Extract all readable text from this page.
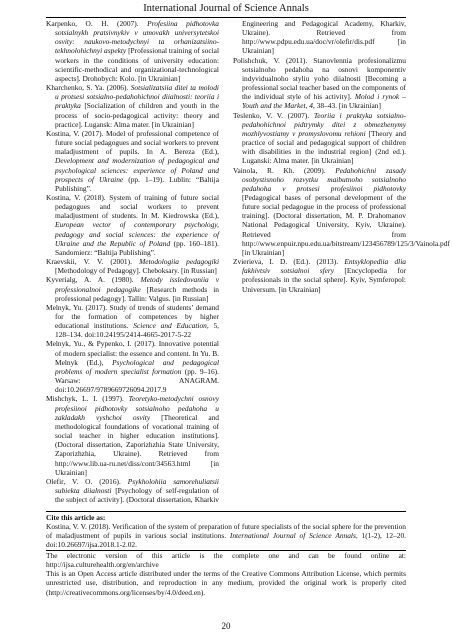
International Journal of Science Annals

Karpenko, O. H. (2007). Profesiina pidhotovka sotsialnykh pratsivnykiv v umovakh universytetskoi osvity: naukovo-metodychnyi ta orhanizatsiino-tekhnolohichnyi aspekty [Professional training of social workers in the conditions of university education: scientific-methodical and organizational-technological aspects]. Drohobych: Kolo. [in Ukrainian]

Kharchenko, S. Ya. (2006). Sotsializatsiia ditei ta molodi u protsesi sotsialno-pedahohichnoi diialnosti: teoriia i praktyka [Socialization of children and youth in the process of socio-pedagogical activity: theory and practice]. Lugansk: Alma mater. [in Ukrainian]

Kostina, V. (2017). Model of professional competence of future social pedagogues and social workers to prevent maladjustment of pupils. In A. Bereza (Ed.), Development and modernization of pedagogical and psychological sciences: experience of Poland and prospects of Ukraine (pp. 1–19). Lublin: “Baltija Publishing”.

Kostina, V. (2018). System of training of future social pedagogues and social workers to prevent maladjustment of students. In M. Kiedrowska (Ed.), European vector of contemporary psychology, pedagogy and social sciences: the experience of Ukraine and the Republic of Poland (pp. 160–181). Sandomierz: “Baltija Publishing”.

Kraevskii, V. V. (2001). Metodologiia pedagogiki [Methodology of Pedagogy]. Cheboksary. [in Russian]

Kyverialg, A. A. (1980). Metody issledovaniia v professionalnoi pedagogike [Research methods in professional pedagogy]. Tallin: Valgus. [in Russian]

Melnyk, Yu. (2017). Study of trends of students’ demand for the formation of competences by higher educational institutions. Science and Education, 5, 128–134. doi:10.24195/2414-4665-2017-5-22

Melnyk, Yu., & Pypenko, I. (2017). Innovative potential of modern specialist: the essence and content. In Yu. B. Melnyk (Ed.), Psychological and pedagogical problems of modern specialist formation (pp. 9–16). Warsaw: ANAGRAM. doi:10.26697/9789669726094.2017.9

Mishchyk, L. I. (1997). Teoretyko-metodychni osnovy profesiinoi pidhotovky sotsialnoho pedahoha u zakladakh vyshchoi osvity [Theoretical and methodological foundations of vocational training of social teacher in higher education institutions]. (Doctoral dissertation, Zaporizhzhia State University, Zaporizhzhia, Ukraine). Retrieved from http://www.lib.ua-ru.net/diss/cont/34563.html [in Ukrainian]

Olefir, V. O. (2016). Psykholohiia samorehuliatsii subiekta diialnosti [Psychology of self-regulation of the subject of activity]. (Doctoral dissertation, Kharkiv Engineering and Pedagogical Academy, Kharkiv, Ukraine). Retrieved from http://www.pdpu.edu.ua/doc/vr/olefir/dis.pdf [in Ukrainian]

Polishchuk, V. (2011). Stanovlennia profesionalizmu sotsialnoho pedahoha na osnovi komponentiv indyvidualnoho styliu yoho diialnosti [Becoming a professional social teacher based on the components of the individual style of his activity]. Molod i rynok – Youth and the Market, 4, 38–43. [in Ukrainian]

Teslenko, V. V. (2007). Teoriia i praktyka sotsialno-pedahohichnoi pidtrymky ditei z obmezhenymy mozhlyvostiamy v promyslovomu rehioni [Theory and practice of social and pedagogical support of children with disabilities in the industrial region] (2nd ed.). Luganski: Alma mater. [in Ukrainian]

Vainola, R. Kh. (2009). Pedahohichni zasady osobystisnoho rozvytku maibutnoho sotsialnoho pedahoha v protsesi profesiinoi pidhotovky [Pedagogical bases of personal development of the future social pedagogue in the process of professional training]. (Doctoral dissertation, M. P. Drahomanov National Pedagogical University, Kyiv, Ukraine). Retrieved from http://www.enpuir.npu.edu.ua/bitstream/123456789/125/3/Vainola.pdf [in Ukrainian]

Zvierieva, I. D. (Ed.). (2013). Entsyklopediia dlia fakhivtsiv sotsialnoi sfery [Encyclopedia for professionals in the social sphere]. Kyiv, Symferopol: Universum. [in Ukrainian]

Cite this article as:

Kostina, V. V. (2018). Verification of the system of preparation of future specialists of the social sphere for the prevention of maladjustment of pupils in various social institutions. International Journal of Science Annals, 1(1-2), 12–20. doi:10.26697/ijsa.2018.1-2.02.

The electronic version of this article is the complete one and can be found online at: http://ijsa.culturehealth.org/en/archive

This is an Open Access article distributed under the terms of the Creative Commons Attribution License, which permits unrestricted use, distribution, and reproduction in any medium, provided the original work is properly cited (http://creativecommons.org/licenses/by/4.0/deed.en).

20
